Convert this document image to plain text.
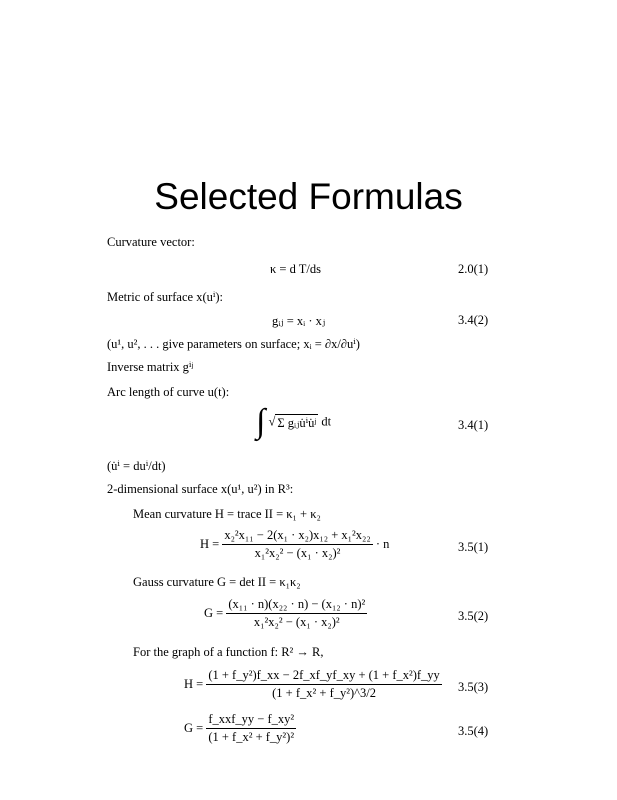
Selected Formulas
Curvature vector:
κ = d T/ds	2.0(1)
Metric of surface x(uⁱ):
gᵢⱼ = xᵢ · xⱼ	3.4(2)
(u¹, u², . . . give parameters on surface; xᵢ = ∂x/∂uⁱ)
Inverse matrix gⁱʲ
Arc length of curve u(t):
∫ √ Σ gᵢⱼu̇ⁱu̇ʲ dt	3.4(1)
(u̇ⁱ = duⁱ/dt)
2-dimensional surface x(u¹, u²) in R³:
Mean curvature H = trace II = κ₁ + κ₂
$H = \frac{\text{x₂²x₁₁ − 2(x₁ · x₂)x₁₂ + x₁²x₂₂}}{\text{x₁²x₂² − (x₁ · x₂)²}} \cdot n$	3.5(1)
Gauss curvature G = det II = κ₁κ₂
$G = \frac{\text{(x₁₁ · n)(x₂₂ · n) − (x₁₂ · n)²}}{\text{x₁²x₂² − (x₁ · x₂)²}}$	3.5(2)
For the graph of a function f: R² → R,
$H = \frac{\text{(1 + f\_y²)f\_xx − 2f\_xf\_yf\_xy + (1 + f\_x²)f\_yy}}{\text{(1 + f\_x² + f\_y²)\textasciicircum{}3/2}} 3.5(3)$
$G = \frac{\text{f\_xxf\_yy − f\_xy²}}{\text{(1 + f\_x² + f\_y²)²}}$	3.5(4)
